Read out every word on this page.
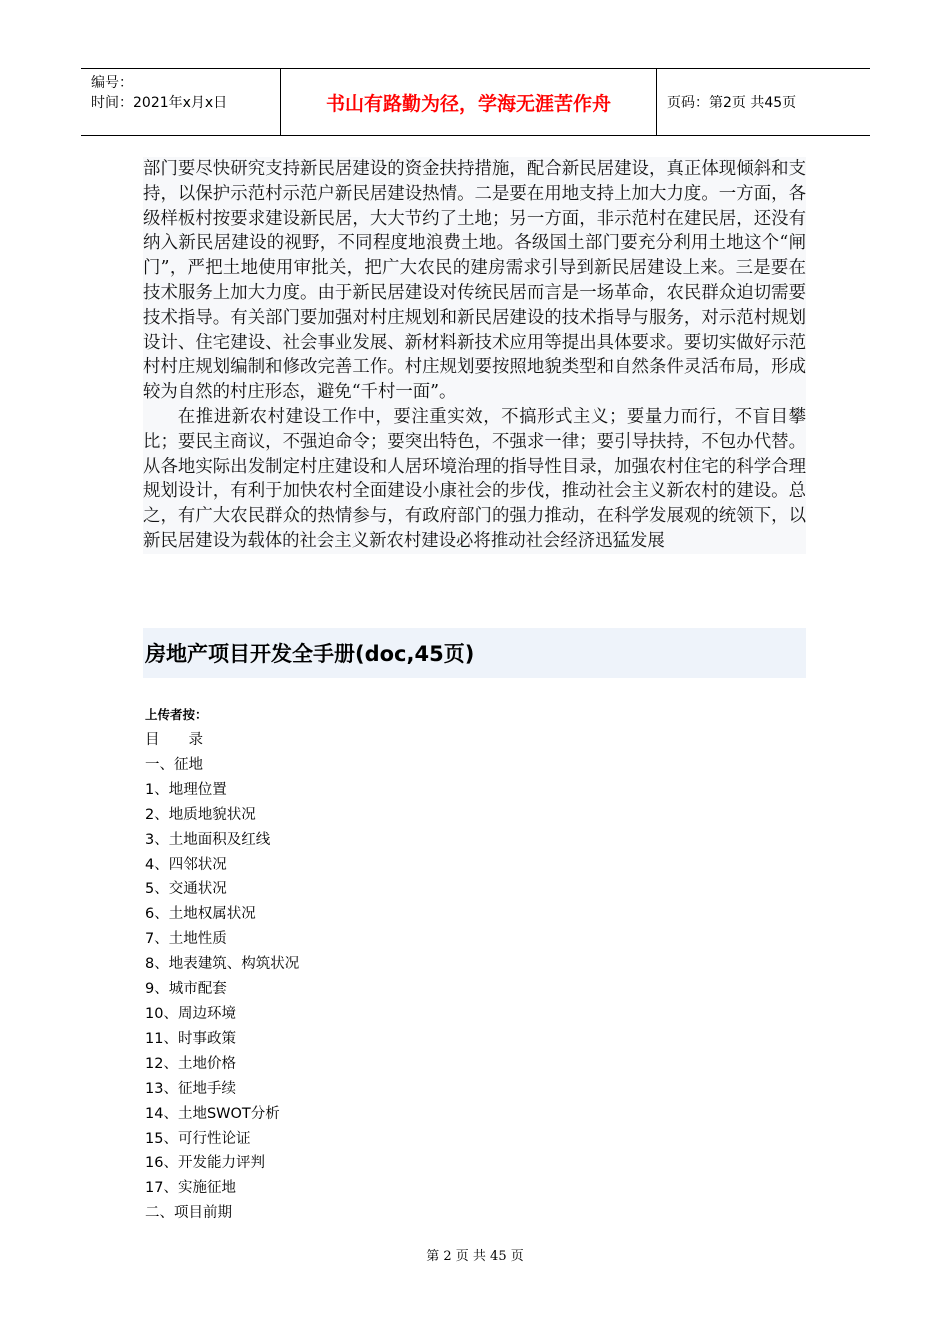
编号：
时间：2021年x月x日	书山有路勤为径，学海无涯苦作舟	页码：第2页 共45页

部门要尽快研究支持新民居建设的资金扶持措施，配合新民居建设，真正体现倾斜和支持，以保护示范村示范户新民居建设热情。二是要在用地支持上加大力度。一方面，各级样板村按要求建设新民居，大大节约了土地；另一方面，非示范村在建民居，还没有纳入新民居建设的视野，不同程度地浪费土地。各级国土部门要充分利用土地这个“闸门”，严把土地使用审批关，把广大农民的建房需求引导到新民居建设上来。三是要在技术服务上加大力度。由于新民居建设对传统民居而言是一场革命，农民群众迫切需要技术指导。有关部门要加强对村庄规划和新民居建设的技术指导与服务，对示范村规划设计、住宅建设、社会事业发展、新材料新技术应用等提出具体要求。要切实做好示范村村庄规划编制和修改完善工作。村庄规划要按照地貌类型和自然条件灵活布局，形成较为自然的村庄形态，避免“千村一面”。

在推进新农村建设工作中，要注重实效，不搞形式主义；要量力而行，不盲目攀比；要民主商议，不强迫命令；要突出特色，不强求一律；要引导扶持，不包办代替。从各地实际出发制定村庄建设和人居环境治理的指导性目录，加强农村住宅的科学合理规划设计，有利于加快农村全面建设小康社会的步伐，推动社会主义新农村的建设。总之，有广大农民群众的热情参与，有政府部门的强力推动，在科学发展观的统领下，以新民居建设为载体的社会主义新农村建设必将推动社会经济迅猛发展

房地产项目开发全手册(doc,45页)
上传者按：
目　　录
一、征地
1、地理位置
2、地质地貌状况
3、土地面积及红线
4、四邻状况
5、交通状况
6、土地权属状况
7、土地性质
8、地表建筑、构筑状况
9、城市配套
10、周边环境
11、时事政策
12、土地价格
13、征地手续
14、土地SWOT分析
15、可行性论证
16、开发能力评判
17、实施征地
二、项目前期
第 2 页 共 45 页
